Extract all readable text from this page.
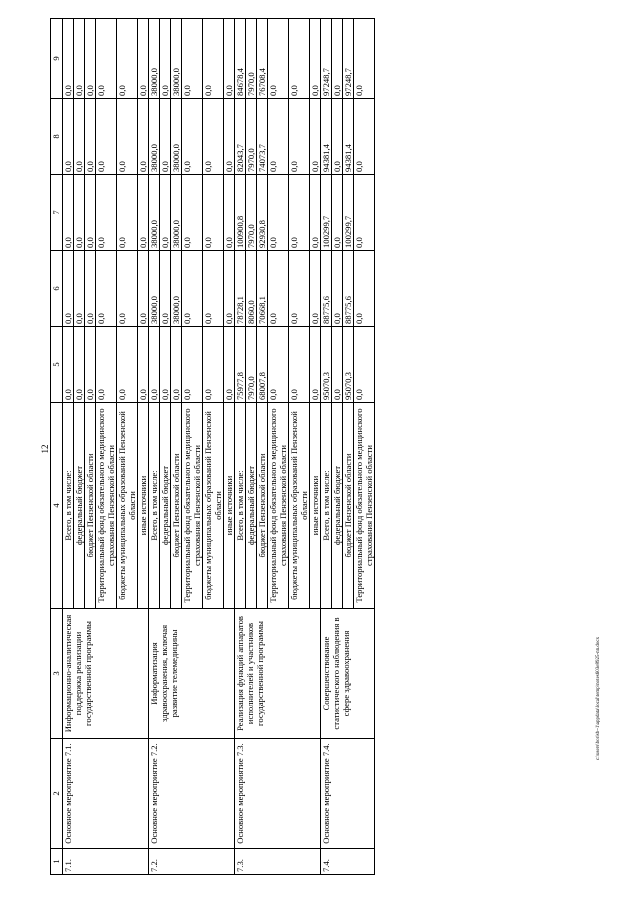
12
1	2	3	4	5	6	7	8	9
7.1.	Основное мероприятие 7.1.	Информационно-аналитическая поддержка реализации государственной программы	Всего, в том числе:	0,0	0,0	0,0	0,0	0,0
			федеральный бюджет	0,0	0,0	0,0	0,0	0,0
			бюджет Пензенской области	0,0	0,0	0,0	0,0	0,0
			Территориальный фонд обязательного медицинского страхования Пензенской области	0,0	0,0	0,0	0,0	0,0
			бюджеты муниципальных образований Пензенской области	0,0	0,0	0,0	0,0	0,0
			иные источники	0,0	0,0	0,0	0,0	0,0
7.2.	Основное мероприятие 7.2.	Информатизация здравоохранения, включая развитие телемедицины	Всего, в том числе:	0,0	38000,0	38000,0	38000,0	38000,0
			федеральный бюджет	0,0	0,0	0,0	0,0	0,0
			бюджет Пензенской области	0,0	38000,0	38000,0	38000,0	38000,0
			Территориальный фонд обязательного медицинского страхования Пензенской области	0,0	0,0	0,0	0,0	0,0
			бюджеты муниципальных образований Пензенской области	0,0	0,0	0,0	0,0	0,0
			иные источники	0,0	0,0	0,0	0,0	0,0
7.3.	Основное мероприятие 7.3.	Реализация функций аппаратов исполнителей и участников государственной программы	Всего, в том числе:	75977,8	78728,1	100900,8	82043,7	84678,4
			федеральный бюджет	7970,0	8060,0	7970,0	7970,0	7970,0
			бюджет Пензенской области	68007,8	70668,1	92930,8	74073,7	76708,4
			Территориальный фонд обязательного медицинского страхования Пензенской области	0,0	0,0	0,0	0,0	0,0
			бюджеты муниципальных образований Пензенской области	0,0	0,0	0,0	0,0	0,0
			иные источники	0,0	0,0	0,0	0,0	0,0
7.4.	Основное мероприятие 7.4.	Совершенствование статистического наблюдения в сфере здравоохранения	Всего, в том числе:	95070,3	88775,6	100299,7	94381,4	97248,7
			федеральный бюджет	0,0	0,0	0,0	0,0	0,0
			бюджет Пензенской области	95070,3	88775,6	100299,7	94381,4	97248,7
			Территориальный фонд обязательного медицинского страхования Пензенской области	0,0	0,0	0,0	0,0	0,0
c:\users\borisb~1\appdata\local\temp\notes603e8925-nn.docx
